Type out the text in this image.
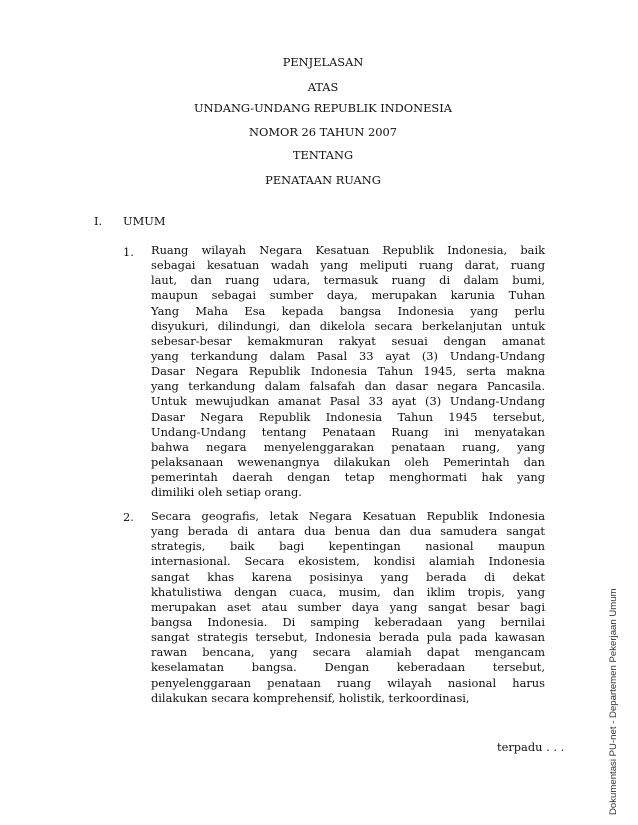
PENJELASAN
ATAS
UNDANG-UNDANG REPUBLIK INDONESIA
NOMOR 26 TAHUN 2007
TENTANG
PENATAAN RUANG
I. UMUM
1. Ruang wilayah Negara Kesatuan Republik Indonesia, baik
sebagai kesatuan wadah yang meliputi ruang darat, ruang
laut, dan ruang udara, termasuk ruang di dalam bumi,
maupun sebagai sumber daya, merupakan karunia Tuhan
Yang Maha Esa kepada bangsa Indonesia yang perlu
disyukuri, dilindungi, dan dikelola secara berkelanjutan untuk
sebesar-besar kemakmuran rakyat sesuai dengan amanat
yang terkandung dalam Pasal 33 ayat (3) Undang-Undang
Dasar Negara Republik Indonesia Tahun 1945, serta makna
yang terkandung dalam falsafah dan dasar negara Pancasila.
Untuk mewujudkan amanat Pasal 33 ayat (3) Undang-Undang
Dasar Negara Republik Indonesia Tahun 1945 tersebut,
Undang-Undang tentang Penataan Ruang ini menyatakan
bahwa negara menyelenggarakan penataan ruang, yang
pelaksanaan wewenangnya dilakukan oleh Pemerintah dan
pemerintah daerah dengan tetap menghormati hak yang
dimiliki oleh setiap orang.
2. Secara geografis, letak Negara Kesatuan Republik Indonesia
yang berada di antara dua benua dan dua samudera sangat
strategis, baik bagi kepentingan nasional maupun
internasional. Secara ekosistem, kondisi alamiah Indonesia
sangat khas karena posisinya yang berada di dekat
khatulistiwa dengan cuaca, musim, dan iklim tropis, yang
merupakan aset atau sumber daya yang sangat besar bagi
bangsa Indonesia. Di samping keberadaan yang bernilai
sangat strategis tersebut, Indonesia berada pula pada kawasan
rawan bencana, yang secara alamiah dapat mengancam
keselamatan bangsa. Dengan keberadaan tersebut,
penyelenggaraan penataan ruang wilayah nasional harus
dilakukan secara komprehensif, holistik, terkoordinasi,
terpadu . . .	Dokumentasi PU-net - Departemen Pekerjaan Umum
